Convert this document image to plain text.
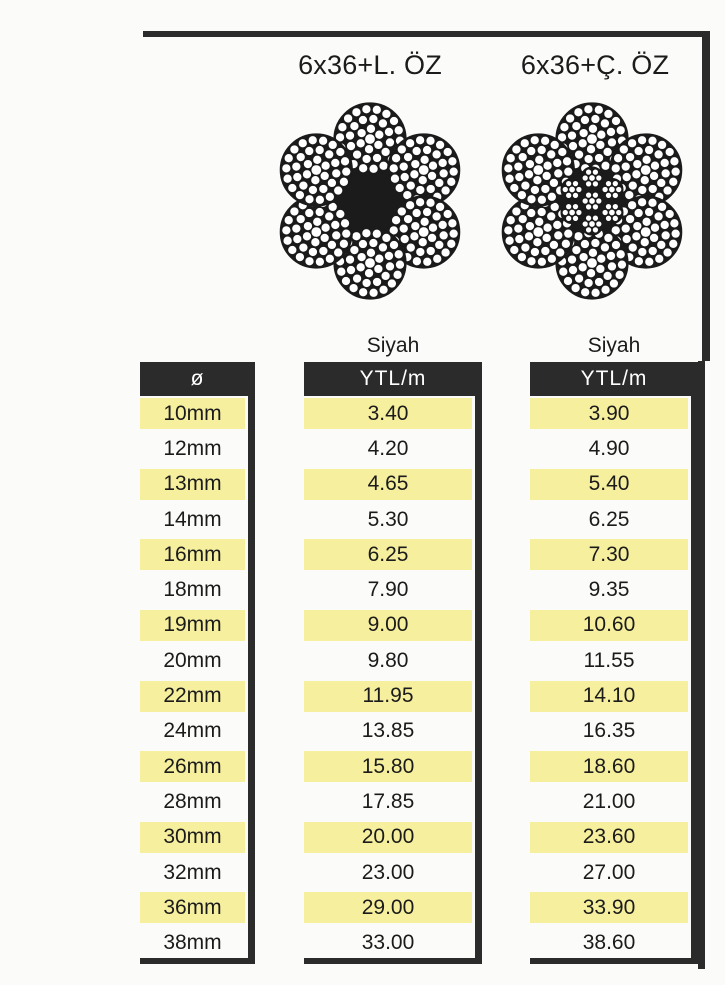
6x36+L. ÖZ	6x36+Ç. ÖZ
Siyah	Siyah
ø
10mm
12mm
13mm
14mm
16mm
18mm
19mm
20mm
22mm
24mm
26mm
28mm
30mm
32mm
36mm
38mm
YTL/m
3.40
4.20
4.65
5.30
6.25
7.90
9.00
9.80
11.95
13.85
15.80
17.85
20.00
23.00
29.00
33.00
YTL/m
3.90
4.90
5.40
6.25
7.30
9.35
10.60
11.55
14.10
16.35
18.60
21.00
23.60
27.00
33.90
38.60
